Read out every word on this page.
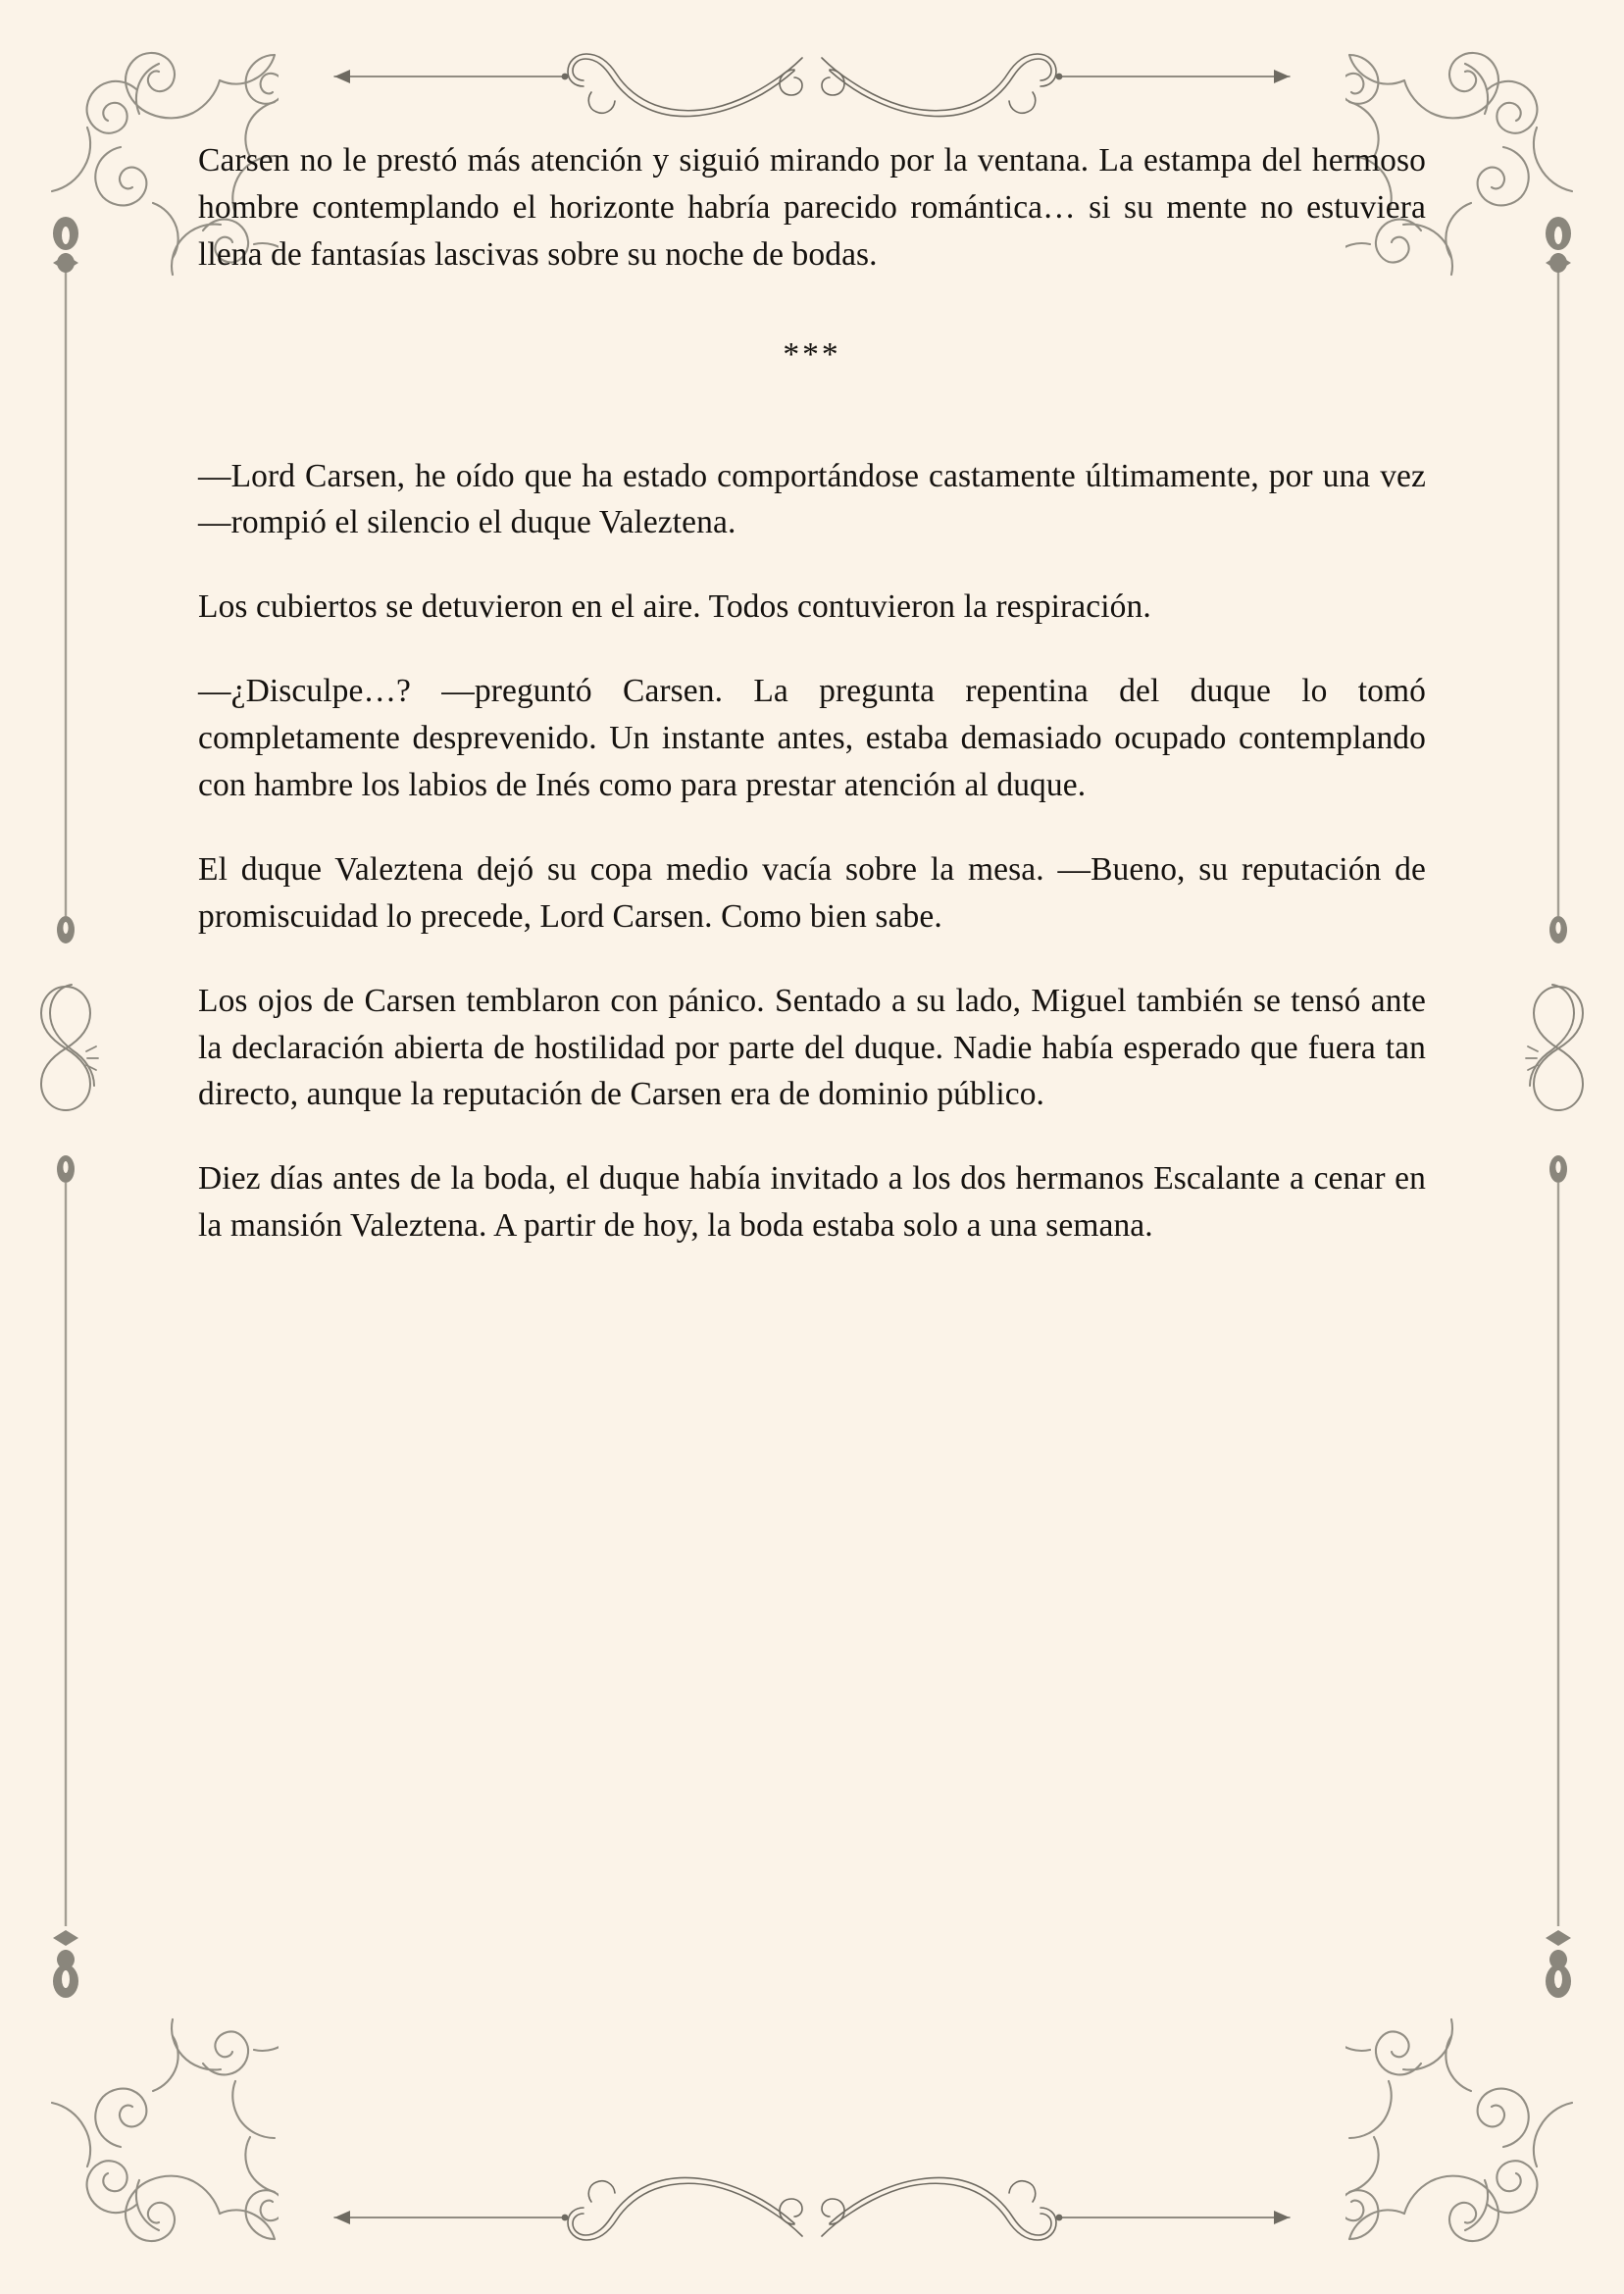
Carsen no le prestó más atención y siguió mirando por la ventana. La estampa del hermoso hombre contemplando el horizonte habría parecido romántica… si su mente no estuviera llena de fantasías lascivas sobre su noche de bodas.

***

—Lord Carsen, he oído que ha estado comportándose castamente últimamente, por una vez —rompió el silencio el duque Valeztena.

Los cubiertos se detuvieron en el aire. Todos contuvieron la respiración.

—¿Disculpe…? —preguntó Carsen. La pregunta repentina del duque lo tomó completamente desprevenido. Un instante antes, estaba demasiado ocupado contemplando con hambre los labios de Inés como para prestar atención al duque.

El duque Valeztena dejó su copa medio vacía sobre la mesa. —Bueno, su reputación de promiscuidad lo precede, Lord Carsen. Como bien sabe.

Los ojos de Carsen temblaron con pánico. Sentado a su lado, Miguel también se tensó ante la declaración abierta de hostilidad por parte del duque. Nadie había esperado que fuera tan directo, aunque la reputación de Carsen era de dominio público.

Diez días antes de la boda, el duque había invitado a los dos hermanos Escalante a cenar en la mansión Valeztena. A partir de hoy, la boda estaba solo a una semana.
